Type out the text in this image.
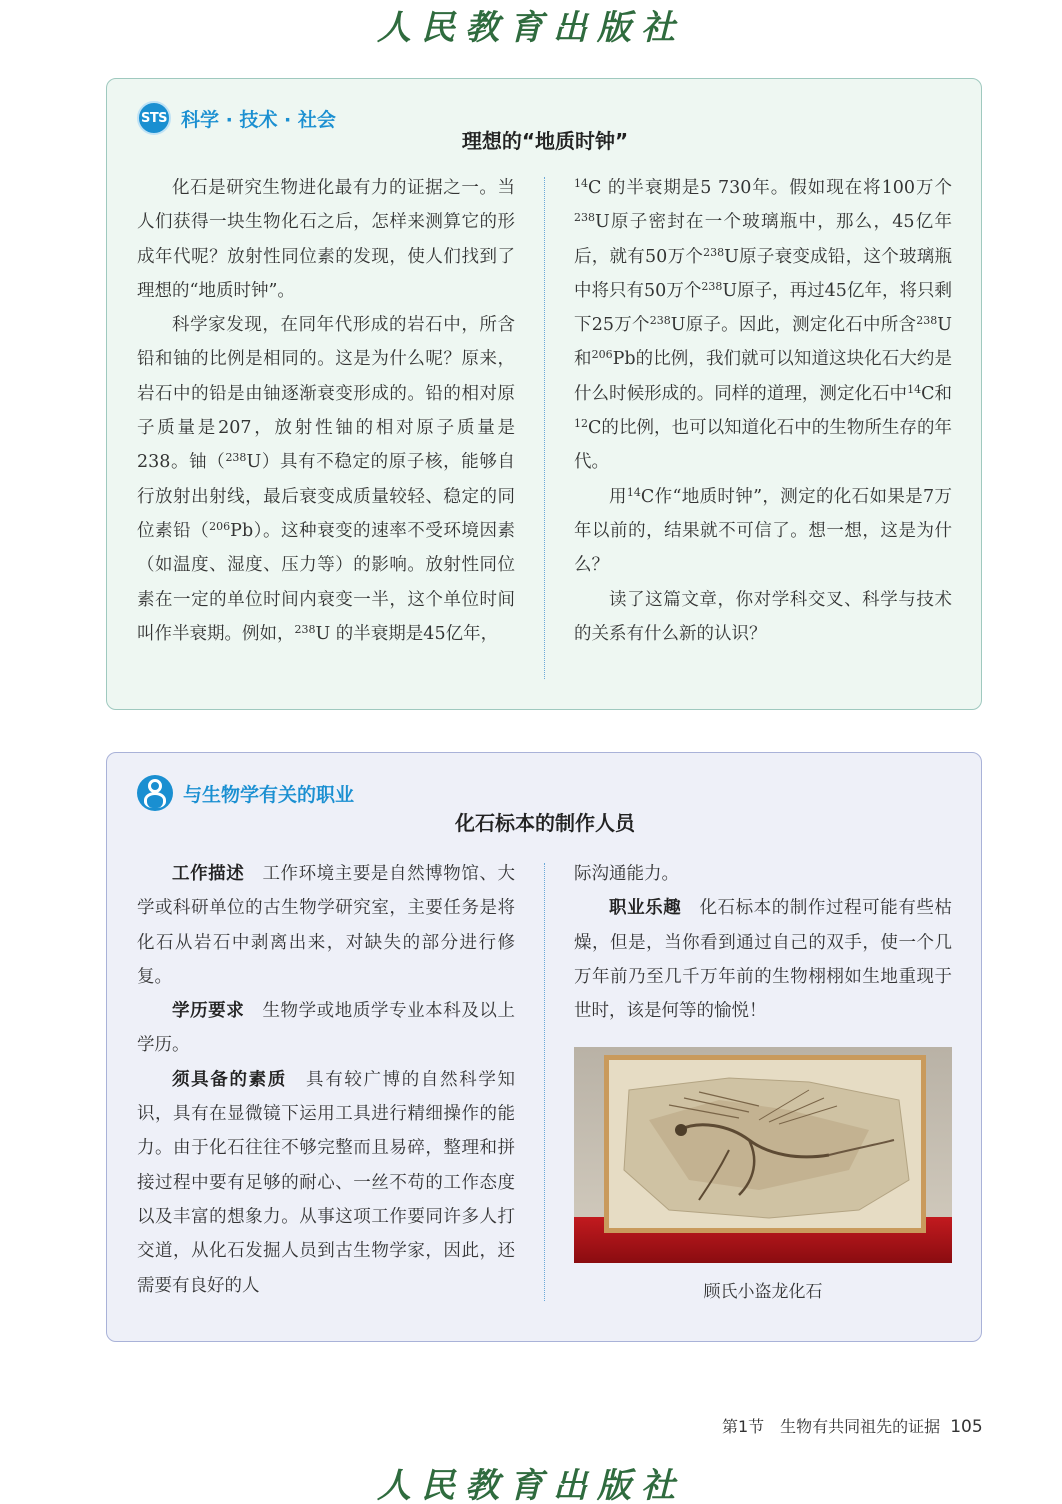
人民教育出版社
STS 科学 · 技术 · 社会
理想的“地质时钟”

化石是研究生物进化最有力的证据之一。当人们获得一块生物化石之后，怎样来测算它的形成年代呢？放射性同位素的发现，使人们找到了理想的“地质时钟”。

科学家发现，在同年代形成的岩石中，所含铅和铀的比例是相同的。这是为什么呢？原来，岩石中的铅是由铀逐渐衰变形成的。铅的相对原子质量是207，放射性铀的相对原子质量是238。铀（$^{238}$U）具有不稳定的原子核，能够自行放射出射线，最后衰变成质量较轻、稳定的同位素铅（$^{206}$Pb）。这种衰变的速率不受环境因素（如温度、湿度、压力等）的影响。放射性同位素在一定的单位时间内衰变一半，这个单位时间叫作半衰期。例如，$^{238}$U 的半衰期是45亿年，

$^{14}$C 的半衰期是5 730年。假如现在将100万个$^{238}$U原子密封在一个玻璃瓶中，那么，45亿年后，就有50万个$^{238}$U原子衰变成铅，这个玻璃瓶中将只有50万个$^{238}$U原子，再过45亿年，将只剩下25万个$^{238}$U原子。因此，测定化石中所含$^{238}$U和$^{206}$Pb的比例，我们就可以知道这块化石大约是什么时候形成的。同样的道理，测定化石中$^{14}$C和$^{12}$C的比例，也可以知道化石中的生物所生存的年代。

用$^{14}$C作“地质时钟”，测定的化石如果是7万年以前的，结果就不可信了。想一想，这是为什么？

读了这篇文章，你对学科交叉、科学与技术的关系有什么新的认识？

与生物学有关的职业
化石标本的制作人员

工作描述　 工作环境主要是自然博物馆、大学或科研单位的古生物学研究室，主要任务是将化石从岩石中剥离出来，对缺失的部分进行修复。

学历要求　 生物学或地质学专业本科及以上学历。

须具备的素质　 具有较广博的自然科学知识，具有在显微镜下运用工具进行精细操作的能力。由于化石往往不够完整而且易碎，整理和拼接过程中要有足够的耐心、一丝不苟的工作态度以及丰富的想象力。从事这项工作要同许多人打交道，从化石发掘人员到古生物学家，因此，还需要有良好的人

际沟通能力。

职业乐趣　 化石标本的制作过程可能有些枯燥，但是，当你看到通过自己的双手，使一个几万年前乃至几千万年前的生物栩栩如生地重现于世时，该是何等的愉悦！

顾氏小盗龙化石
第1节　生物有共同祖先的证据 105
人民教育出版社
